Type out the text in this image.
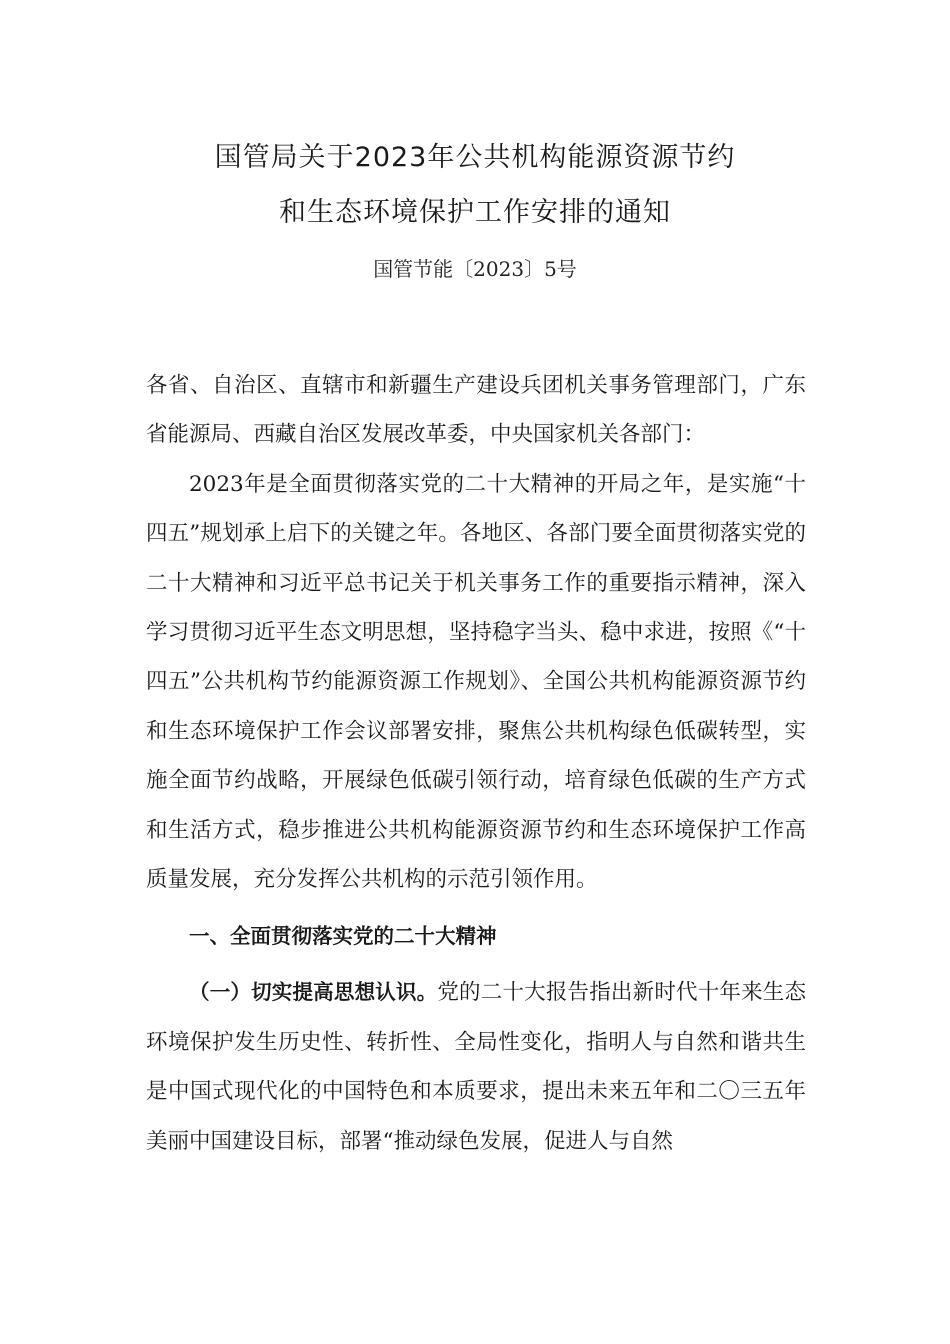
国管局关于2023年公共机构能源资源节约
和生态环境保护工作安排的通知
国管节能〔2023〕5号

各省、自治区、直辖市和新疆生产建设兵团机关事务管理部门，广东省能源局、西藏自治区发展改革委，中央国家机关各部门：

2023年是全面贯彻落实党的二十大精神的开局之年，是实施“十四五”规划承上启下的关键之年。各地区、各部门要全面贯彻落实党的二十大精神和习近平总书记关于机关事务工作的重要指示精神，深入学习贯彻习近平生态文明思想，坚持稳字当头、稳中求进，按照《“十四五”公共机构节约能源资源工作规划》、全国公共机构能源资源节约和生态环境保护工作会议部署安排，聚焦公共机构绿色低碳转型，实施全面节约战略，开展绿色低碳引领行动，培育绿色低碳的生产方式和生活方式，稳步推进公共机构能源资源节约和生态环境保护工作高质量发展，充分发挥公共机构的示范引领作用。

一、全面贯彻落实党的二十大精神

（一）切实提高思想认识。党的二十大报告指出新时代十年来生态环境保护发生历史性、转折性、全局性变化，指明人与自然和谐共生是中国式现代化的中国特色和本质要求，提出未来五年和二〇三五年美丽中国建设目标，部署“推动绿色发展，促进人与自然
